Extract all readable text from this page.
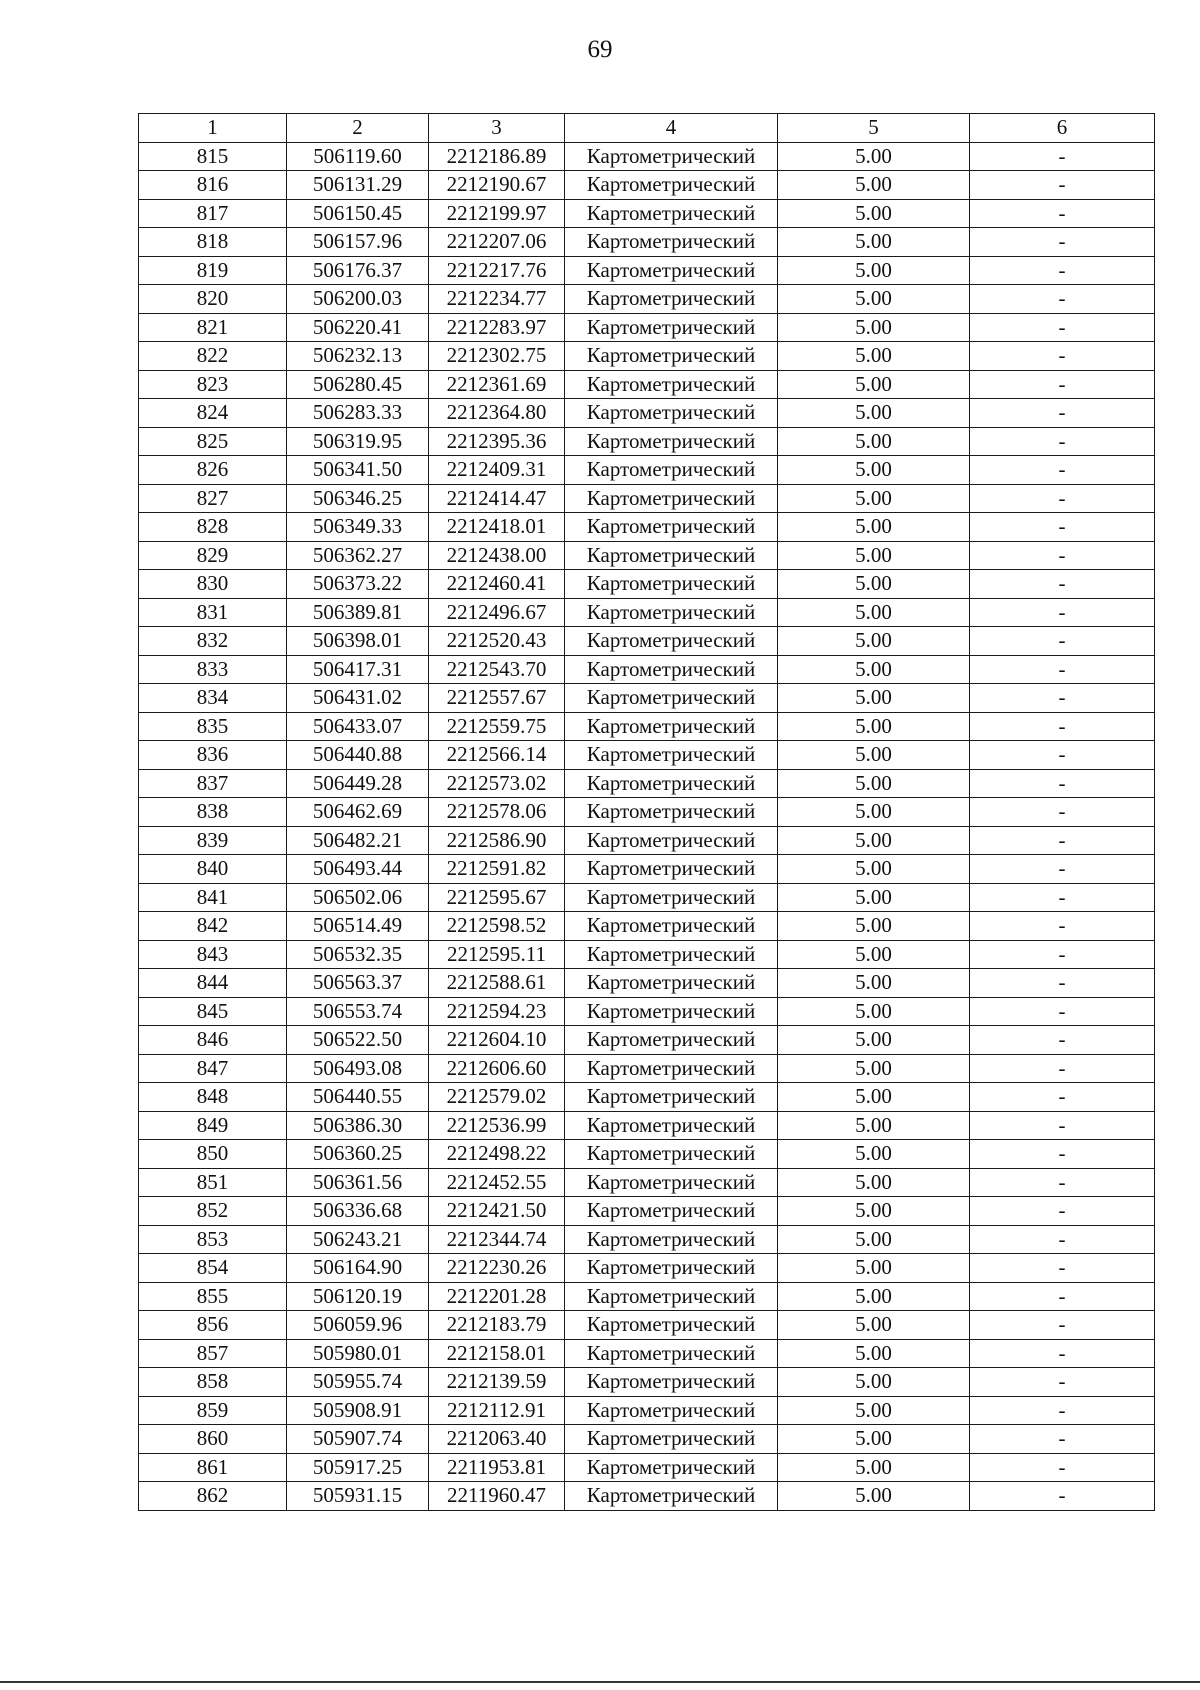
69
1	2	3	4	5	6
815	506119.60	2212186.89	Картометрический	5.00	-
816	506131.29	2212190.67	Картометрический	5.00	-
817	506150.45	2212199.97	Картометрический	5.00	-
818	506157.96	2212207.06	Картометрический	5.00	-
819	506176.37	2212217.76	Картометрический	5.00	-
820	506200.03	2212234.77	Картометрический	5.00	-
821	506220.41	2212283.97	Картометрический	5.00	-
822	506232.13	2212302.75	Картометрический	5.00	-
823	506280.45	2212361.69	Картометрический	5.00	-
824	506283.33	2212364.80	Картометрический	5.00	-
825	506319.95	2212395.36	Картометрический	5.00	-
826	506341.50	2212409.31	Картометрический	5.00	-
827	506346.25	2212414.47	Картометрический	5.00	-
828	506349.33	2212418.01	Картометрический	5.00	-
829	506362.27	2212438.00	Картометрический	5.00	-
830	506373.22	2212460.41	Картометрический	5.00	-
831	506389.81	2212496.67	Картометрический	5.00	-
832	506398.01	2212520.43	Картометрический	5.00	-
833	506417.31	2212543.70	Картометрический	5.00	-
834	506431.02	2212557.67	Картометрический	5.00	-
835	506433.07	2212559.75	Картометрический	5.00	-
836	506440.88	2212566.14	Картометрический	5.00	-
837	506449.28	2212573.02	Картометрический	5.00	-
838	506462.69	2212578.06	Картометрический	5.00	-
839	506482.21	2212586.90	Картометрический	5.00	-
840	506493.44	2212591.82	Картометрический	5.00	-
841	506502.06	2212595.67	Картометрический	5.00	-
842	506514.49	2212598.52	Картометрический	5.00	-
843	506532.35	2212595.11	Картометрический	5.00	-
844	506563.37	2212588.61	Картометрический	5.00	-
845	506553.74	2212594.23	Картометрический	5.00	-
846	506522.50	2212604.10	Картометрический	5.00	-
847	506493.08	2212606.60	Картометрический	5.00	-
848	506440.55	2212579.02	Картометрический	5.00	-
849	506386.30	2212536.99	Картометрический	5.00	-
850	506360.25	2212498.22	Картометрический	5.00	-
851	506361.56	2212452.55	Картометрический	5.00	-
852	506336.68	2212421.50	Картометрический	5.00	-
853	506243.21	2212344.74	Картометрический	5.00	-
854	506164.90	2212230.26	Картометрический	5.00	-
855	506120.19	2212201.28	Картометрический	5.00	-
856	506059.96	2212183.79	Картометрический	5.00	-
857	505980.01	2212158.01	Картометрический	5.00	-
858	505955.74	2212139.59	Картометрический	5.00	-
859	505908.91	2212112.91	Картометрический	5.00	-
860	505907.74	2212063.40	Картометрический	5.00	-
861	505917.25	2211953.81	Картометрический	5.00	-
862	505931.15	2211960.47	Картометрический	5.00	-
